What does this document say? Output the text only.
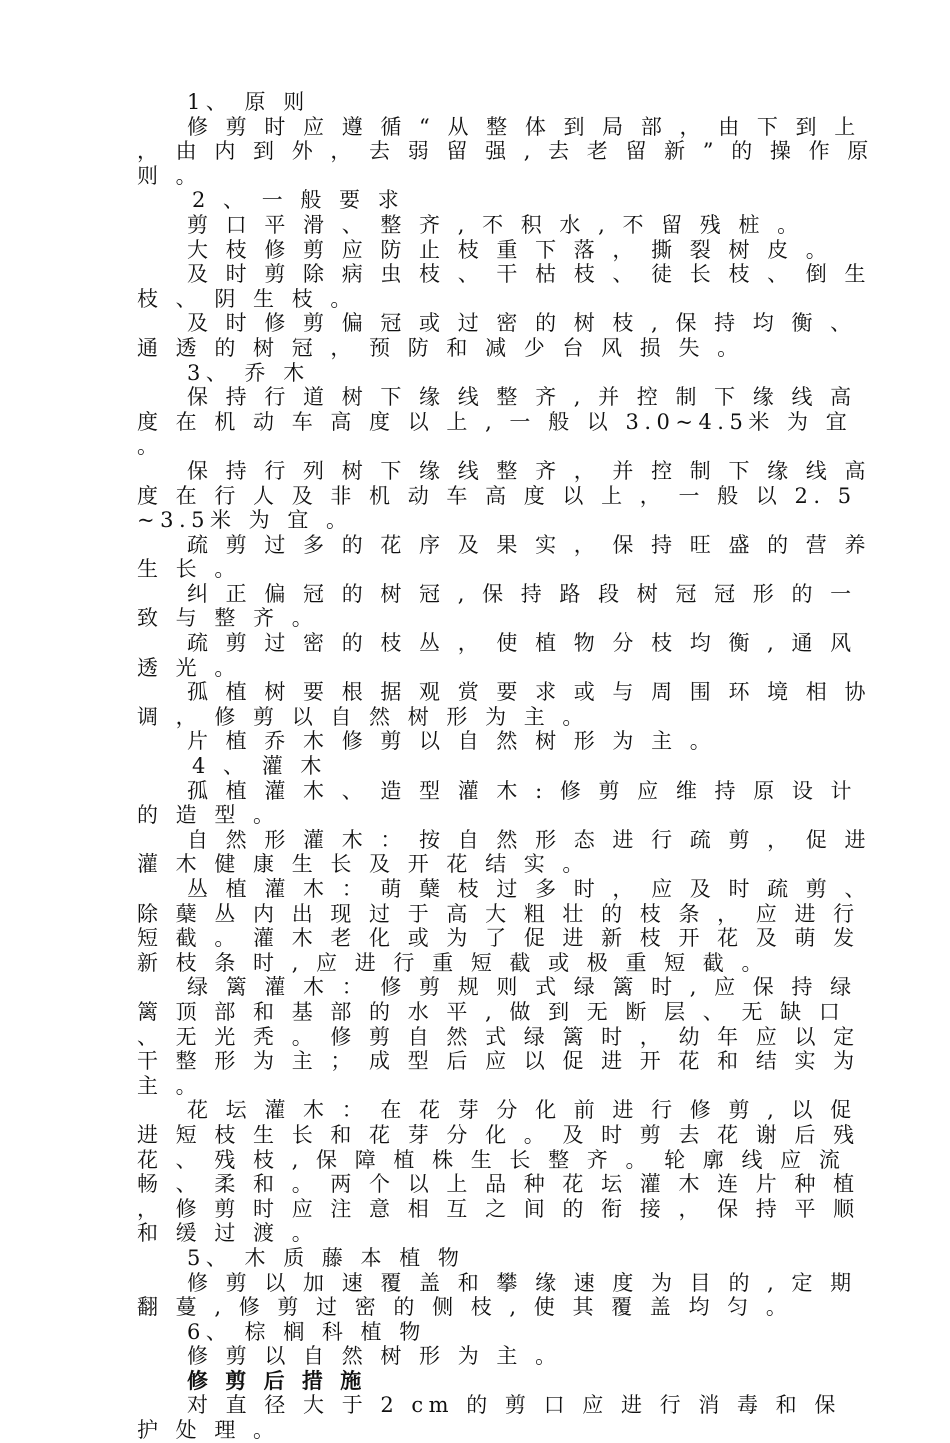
1、 原 则

修 剪 时 应 遵 循 “ 从 整 体 到 局 部 ， 由 下 到 上 ， 由 内 到 外 ， 去 弱 留 强 , 去 老 留 新 ” 的 操 作 原 则 。

2 、 一 般 要 求

剪 口 平 滑 、 整 齐 , 不 积 水 , 不 留 残 桩 。

大 枝 修 剪 应 防 止 枝 重 下 落 ， 撕 裂 树 皮 。

及 时 剪 除 病 虫 枝 、 干 枯 枝 、 徒 长 枝 、 倒 生 枝 、 阴 生 枝 。

及 时 修 剪 偏 冠 或 过 密 的 树 枝 , 保 持 均 衡 、 通 透 的 树 冠 ， 预 防 和 减 少 台 风 损 失 。

3、 乔 木

保 持 行 道 树 下 缘 线 整 齐 , 并 控 制 下 缘 线 高 度 在 机 动 车 高 度 以 上 , 一 般 以 3.0~4.5米 为 宜 。

保 持 行 列 树 下 缘 线 整 齐 ， 并 控 制 下 缘 线 高 度 在 行 人 及 非 机 动 车 高 度 以 上 ， 一 般 以 2. 5 ~3.5米 为 宜 。

疏 剪 过 多 的 花 序 及 果 实 ， 保 持 旺 盛 的 营 养 生 长 。

纠 正 偏 冠 的 树 冠 , 保 持 路 段 树 冠 冠 形 的 一 致 与 整 齐 。

疏 剪 过 密 的 枝 丛 ， 使 植 物 分 枝 均 衡 , 通 风 透 光 。

孤 植 树 要 根 据 观 赏 要 求 或 与 周 围 环 境 相 协 调 ， 修 剪 以 自 然 树 形 为 主 。

片 植 乔 木 修 剪 以 自 然 树 形 为 主 。

4 、 灌 木

孤 植 灌 木 、 造 型 灌 木 : 修 剪 应 维 持 原 设 计 的 造 型 。

自 然 形 灌 木 ： 按 自 然 形 态 进 行 疏 剪 ， 促 进 灌 木 健 康 生 长 及 开 花 结 实 。

丛 植 灌 木 ： 萌 蘖 枝 过 多 时 ， 应 及 时 疏 剪 、 除 蘖 丛 内 出 现 过 于 高 大 粗 壮 的 枝 条 ， 应 进 行 短 截 。 灌 木 老 化 或 为 了 促 进 新 枝 开 花 及 萌 发 新 枝 条 时 , 应 进 行 重 短 截 或 极 重 短 截 。

绿 篱 灌 木 ： 修 剪 规 则 式 绿 篱 时 , 应 保 持 绿 篱 顶 部 和 基 部 的 水 平 , 做 到 无 断 层 、 无 缺 口 、 无 光 秃 。 修 剪 自 然 式 绿 篱 时 ， 幼 年 应 以 定 干 整 形 为 主 ； 成 型 后 应 以 促 进 开 花 和 结 实 为 主 。

花 坛 灌 木 ： 在 花 芽 分 化 前 进 行 修 剪 , 以 促 进 短 枝 生 长 和 花 芽 分 化 。 及 时 剪 去 花 谢 后 残 花 、 残 枝 , 保 障 植 株 生 长 整 齐 。 轮 廓 线 应 流 畅 、 柔 和 。 两 个 以 上 品 种 花 坛 灌 木 连 片 种 植 ， 修 剪 时 应 注 意 相 互 之 间 的 衔 接 ， 保 持 平 顺 和 缓 过 渡 。

5、 木 质 藤 本 植 物

修 剪 以 加 速 覆 盖 和 攀 缘 速 度 为 目 的 , 定 期 翻 蔓 , 修 剪 过 密 的 侧 枝 , 使 其 覆 盖 均 匀 。

6、 棕 榈 科 植 物

修 剪 以 自 然 树 形 为 主 。

修 剪 后 措 施

对 直 径 大 于 2 cm 的 剪 口 应 进 行 消 毒 和 保 护 处 理 。
